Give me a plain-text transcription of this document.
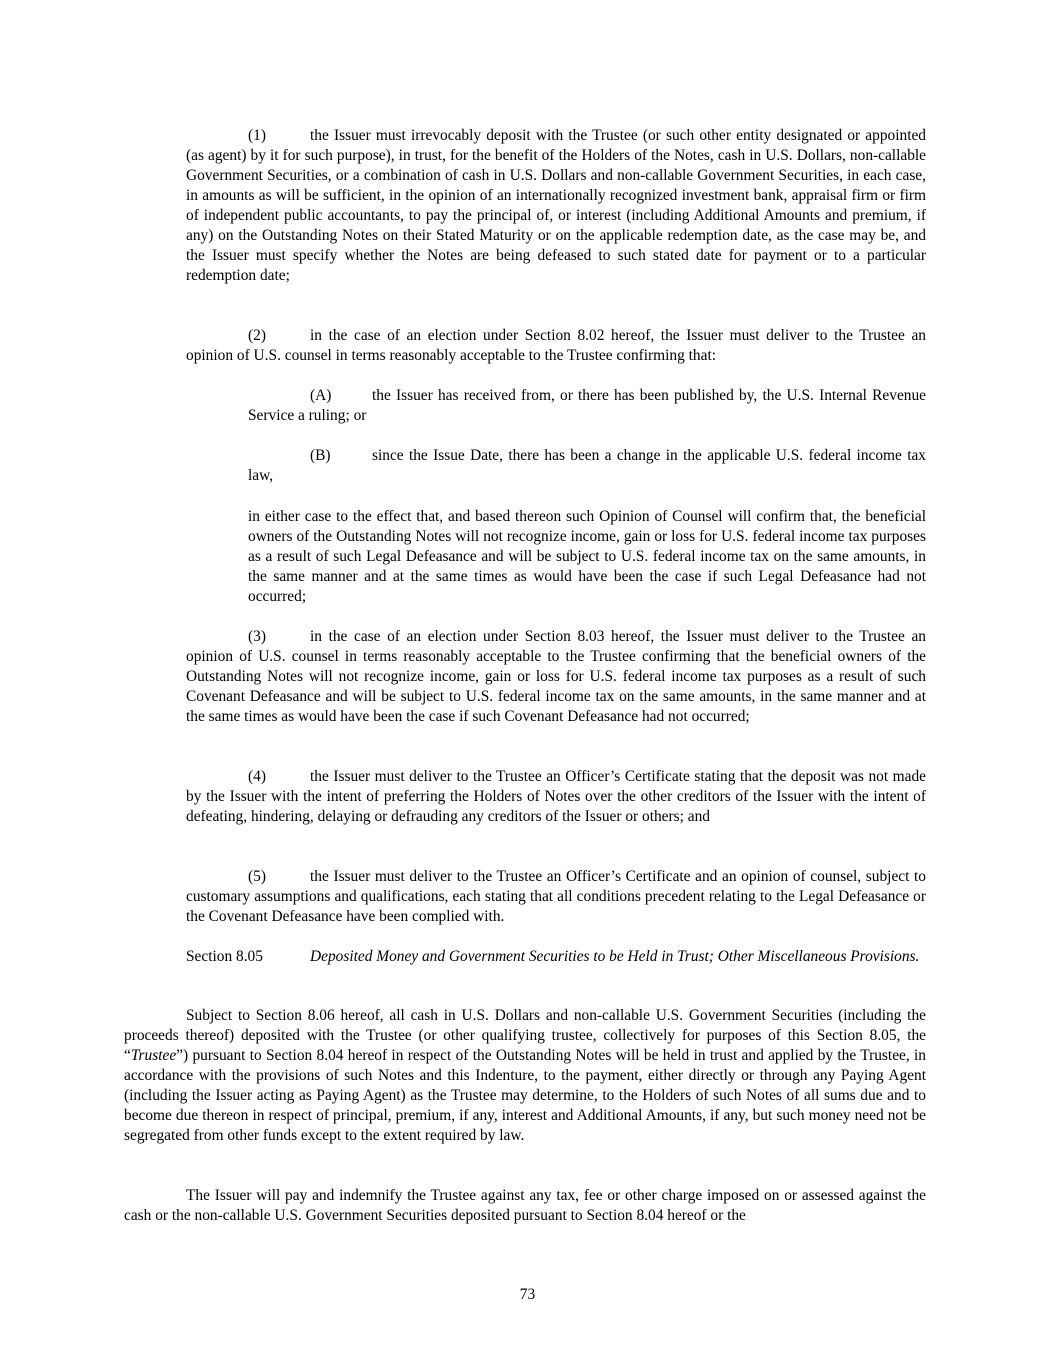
(1)	the Issuer must irrevocably deposit with the Trustee (or such other entity designated or appointed (as agent) by it for such purpose), in trust, for the benefit of the Holders of the Notes, cash in U.S. Dollars, non-callable Government Securities, or a combination of cash in U.S. Dollars and non-callable Government Securities, in each case, in amounts as will be sufficient, in the opinion of an internationally recognized investment bank, appraisal firm or firm of independent public accountants, to pay the principal of, or interest (including Additional Amounts and premium, if any) on the Outstanding Notes on their Stated Maturity or on the applicable redemption date, as the case may be, and the Issuer must specify whether the Notes are being defeased to such stated date for payment or to a particular redemption date;

(2)	in the case of an election under Section 8.02 hereof, the Issuer must deliver to the Trustee an opinion of U.S. counsel in terms reasonably acceptable to the Trustee confirming that:

(A)	the Issuer has received from, or there has been published by, the U.S. Internal Revenue Service a ruling; or

(B)	since the Issue Date, there has been a change in the applicable U.S. federal income tax law,

in either case to the effect that, and based thereon such Opinion of Counsel will confirm that, the beneficial owners of the Outstanding Notes will not recognize income, gain or loss for U.S. federal income tax purposes as a result of such Legal Defeasance and will be subject to U.S. federal income tax on the same amounts, in the same manner and at the same times as would have been the case if such Legal Defeasance had not occurred;

(3)	in the case of an election under Section 8.03 hereof, the Issuer must deliver to the Trustee an opinion of U.S. counsel in terms reasonably acceptable to the Trustee confirming that the beneficial owners of the Outstanding Notes will not recognize income, gain or loss for U.S. federal income tax purposes as a result of such Covenant Defeasance and will be subject to U.S. federal income tax on the same amounts, in the same manner and at the same times as would have been the case if such Covenant Defeasance had not occurred;

(4)	the Issuer must deliver to the Trustee an Officer’s Certificate stating that the deposit was not made by the Issuer with the intent of preferring the Holders of Notes over the other creditors of the Issuer with the intent of defeating, hindering, delaying or defrauding any creditors of the Issuer or others; and

(5)	the Issuer must deliver to the Trustee an Officer’s Certificate and an opinion of counsel, subject to customary assumptions and qualifications, each stating that all conditions precedent relating to the Legal Defeasance or the Covenant Defeasance have been complied with.

Section 8.05	Deposited Money and Government Securities to be Held in Trust; Other Miscellaneous Provisions.

Subject to Section 8.06 hereof, all cash in U.S. Dollars and non-callable U.S. Government Securities (including the proceeds thereof) deposited with the Trustee (or other qualifying trustee, collectively for purposes of this Section 8.05, the “Trustee”) pursuant to Section 8.04 hereof in respect of the Outstanding Notes will be held in trust and applied by the Trustee, in accordance with the provisions of such Notes and this Indenture, to the payment, either directly or through any Paying Agent (including the Issuer acting as Paying Agent) as the Trustee may determine, to the Holders of such Notes of all sums due and to become due thereon in respect of principal, premium, if any, interest and Additional Amounts, if any, but such money need not be segregated from other funds except to the extent required by law.

The Issuer will pay and indemnify the Trustee against any tax, fee or other charge imposed on or assessed against the cash or the non-callable U.S. Government Securities deposited pursuant to Section 8.04 hereof or the

73
